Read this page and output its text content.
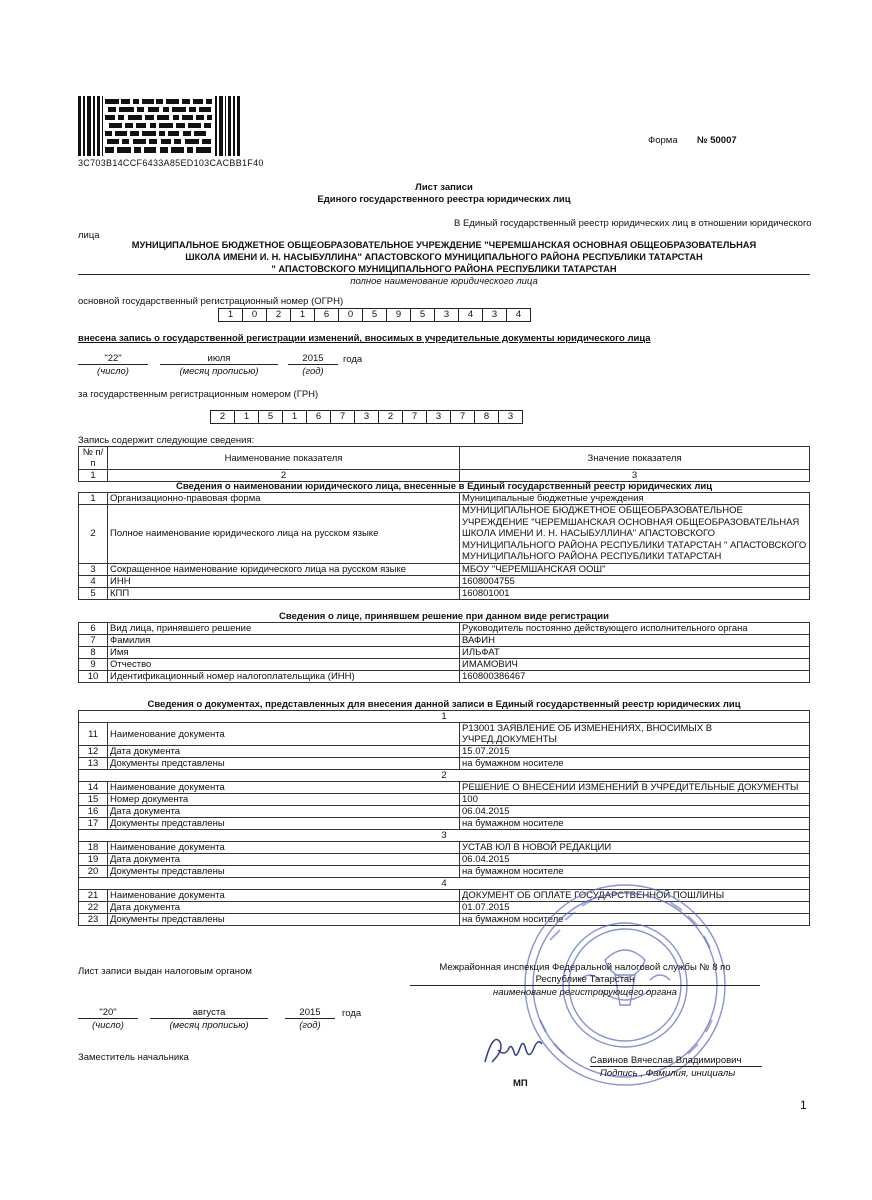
3C703B14CCF6433A85ED103CACBB1F40
Форма № 50007
Лист записи
Единого государственного реестра юридических лиц
В Единый государственный реестр юридических лиц в отношении юридического
лица
МУНИЦИПАЛЬНОЕ БЮДЖЕТНОЕ ОБЩЕОБРАЗОВАТЕЛЬНОЕ УЧРЕЖДЕНИЕ "ЧЕРЕМШАНСКАЯ ОСНОВНАЯ ОБЩЕОБРАЗОВАТЕЛЬНАЯ
ШКОЛА ИМЕНИ И. Н. НАСЫБУЛЛИНА" АПАСТОВСКОГО МУНИЦИПАЛЬНОГО РАЙОНА РЕСПУБЛИКИ ТАТАРСТАН
" АПАСТОВСКОГО МУНИЦИПАЛЬНОГО РАЙОНА РЕСПУБЛИКИ ТАТАРСТАН
полное наименование юридического лица
основной государственный регистрационный номер (ОГРН)
1	0	2	1	6	0	5	9	5	3	4	3	4
внесена запись о государственной регистрации изменений, вносимых в учредительные документы юридического лица
"22"	июля	2015	года
(число)	(месяц прописью)	(год)
за государственным регистрационным номером (ГРН)
2	1	5	1	6	7	3	2	7	3	7	8	3
Запись содержит следующие сведения:
№ п/п	Наименование показателя	Значение показателя
1	2	3
Сведения о наименовании юридического лица, внесенные в Единый государственный реестр юридических лиц
1	Организационно-правовая форма	Муниципальные бюджетные учреждения
2	Полное наименование юридического лица на русском языке	МУНИЦИПАЛЬНОЕ БЮДЖЕТНОЕ ОБЩЕОБРАЗОВАТЕЛЬНОЕ УЧРЕЖДЕНИЕ "ЧЕРЕМШАНСКАЯ ОСНОВНАЯ ОБЩЕОБРАЗОВАТЕЛЬНАЯ ШКОЛА ИМЕНИ И. Н. НАСЫБУЛЛИНА" АПАСТОВСКОГО МУНИЦИПАЛЬНОГО РАЙОНА РЕСПУБЛИКИ ТАТАРСТАН " АПАСТОВСКОГО МУНИЦИПАЛЬНОГО РАЙОНА РЕСПУБЛИКИ ТАТАРСТАН
3	Сокращенное наименование юридического лица на русском языке	МБОУ "ЧЕРЕМШАНСКАЯ ООШ"
4	ИНН	1608004755
5	КПП	160801001
Сведения о лице, принявшем решение при данном виде регистрации
6	Вид лица, принявшего решение	Руководитель постоянно действующего исполнительного органа
7	Фамилия	ВАФИН
8	Имя	ИЛЬФАТ
9	Отчество	ИМАМОВИЧ
10	Идентификационный номер налогоплательщика (ИНН)	160800386467
Сведения о документах, представленных для внесения данной записи в Единый государственный реестр юридических лиц
1		
11	Наименование документа	Р13001 ЗАЯВЛЕНИЕ ОБ ИЗМЕНЕНИЯХ, ВНОСИМЫХ В УЧРЕД.ДОКУМЕНТЫ
12	Дата документа	15.07.2015
13	Документы представлены	на бумажном носителе
2		
14	Наименование документа	РЕШЕНИЕ О ВНЕСЕНИИ ИЗМЕНЕНИЙ В УЧРЕДИТЕЛЬНЫЕ ДОКУМЕНТЫ
15	Номер документа	100
16	Дата документа	06.04.2015
17	Документы представлены	на бумажном носителе
3		
18	Наименование документа	УСТАВ ЮЛ В НОВОЙ РЕДАКЦИИ
19	Дата документа	06.04.2015
20	Документы представлены	на бумажном носителе
4		
21	Наименование документа	ДОКУМЕНТ ОБ ОПЛАТЕ ГОСУДАРСТВЕННОЙ ПОШЛИНЫ
22	Дата документа	01.07.2015
23	Документы представлены	на бумажном носителе
Лист записи выдан налоговым органом	Межрайонная инспекция Федеральной налоговой службы № 8 по
Республике Татарстан
наименование регистрирующего органа
"20"	августа	2015	года
(число)	(месяц прописью)	(год)
Заместитель начальника	Савинов Вячеслав Владимирович
Подпись , Фамилия, инициалы
МП
1
